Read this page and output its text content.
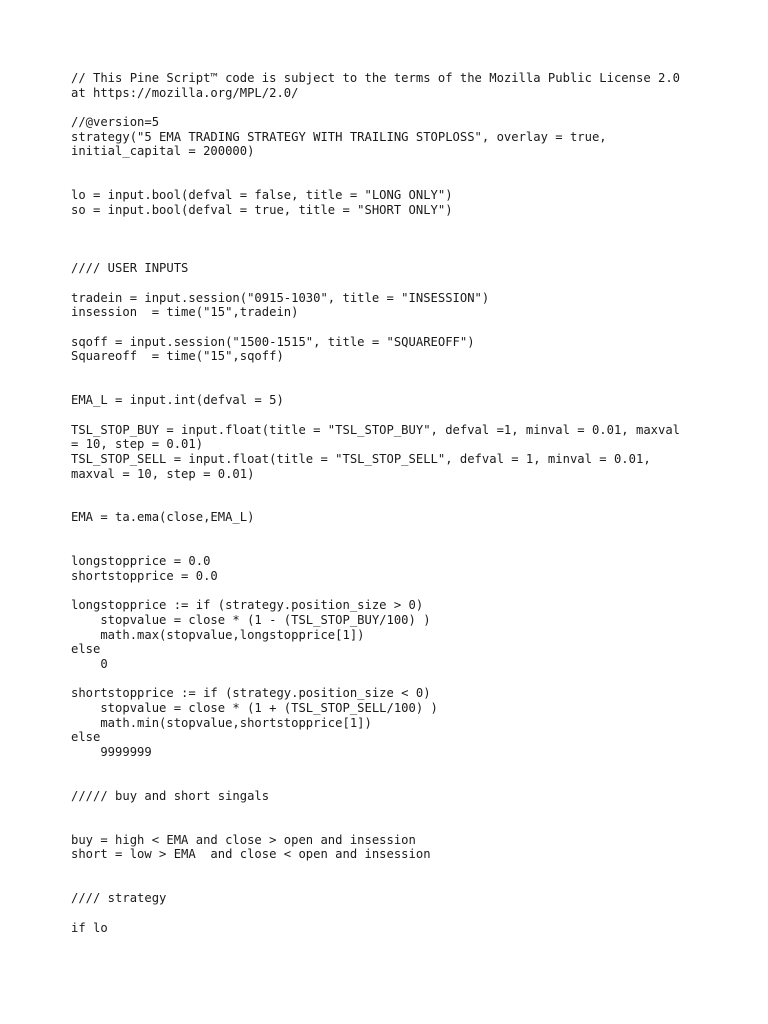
// This Pine Script™ code is subject to the terms of the Mozilla Public License 2.0
at https://mozilla.org/MPL/2.0/
//@version=5
strategy("5 EMA TRADING STRATEGY WITH TRAILING STOPLOSS", overlay = true,
initial_capital = 200000)
lo = input.bool(defval = false, title = "LONG ONLY")
so = input.bool(defval = true, title = "SHORT ONLY")
//// USER INPUTS
tradein = input.session("0915-1030", title = "INSESSION")
insession  = time("15",tradein)
sqoff = input.session("1500-1515", title = "SQUAREOFF")
Squareoff  = time("15",sqoff)
EMA_L = input.int(defval = 5)
TSL_STOP_BUY = input.float(title = "TSL_STOP_BUY", defval =1, minval = 0.01, maxval
= 10, step = 0.01)
TSL_STOP_SELL = input.float(title = "TSL_STOP_SELL", defval = 1, minval = 0.01,
maxval = 10, step = 0.01)
EMA = ta.ema(close,EMA_L)
longstopprice = 0.0
shortstopprice = 0.0
longstopprice := if (strategy.position_size > 0)
stopvalue = close * (1 - (TSL_STOP_BUY/100) )
math.max(stopvalue,longstopprice[1])
else
0
shortstopprice := if (strategy.position_size < 0)
stopvalue = close * (1 + (TSL_STOP_SELL/100) )
math.min(stopvalue,shortstopprice[1])
else
9999999
///// buy and short singals
buy = high < EMA and close > open and insession
short = low > EMA  and close < open and insession
//// strategy
if lo
